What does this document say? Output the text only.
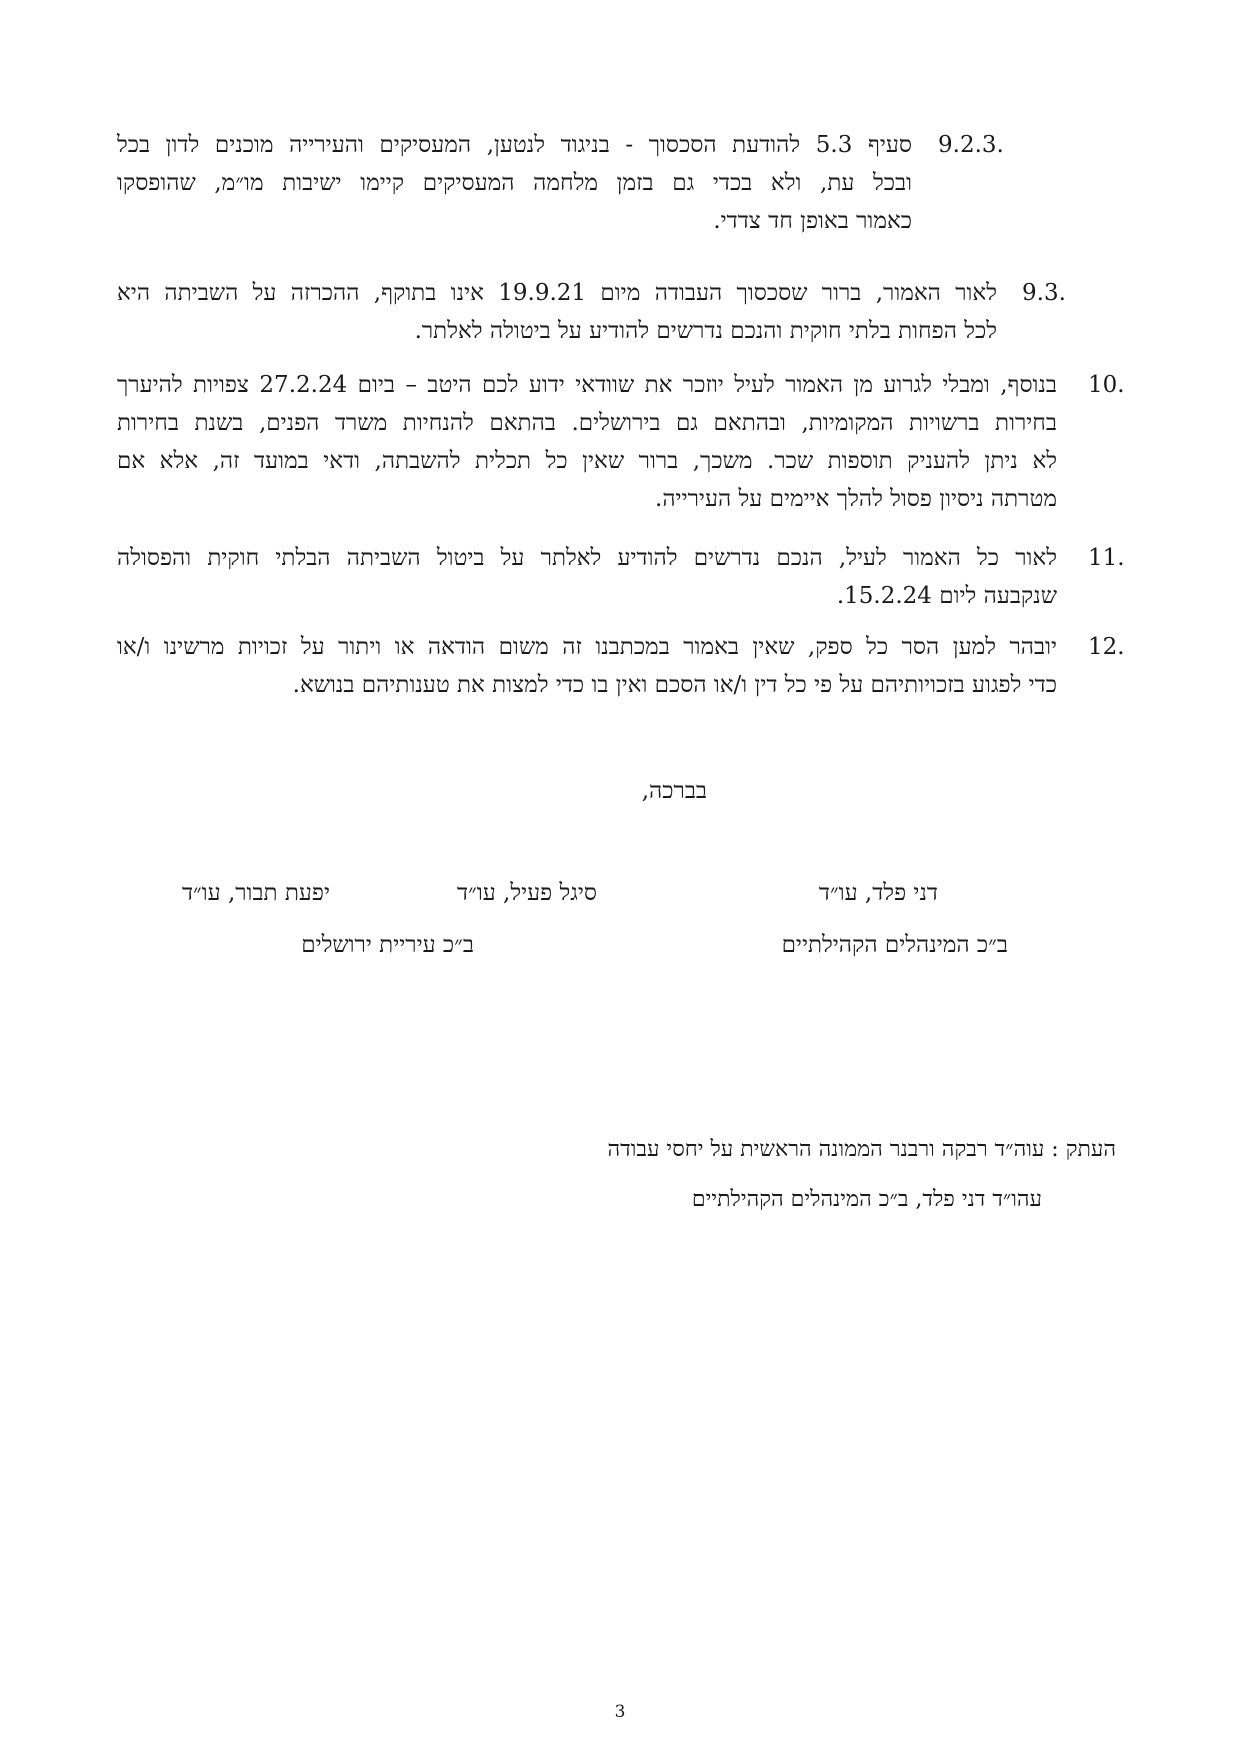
9.2.3.
סעיף 5.3 להודעת הסכסוך - בניגוד לנטען, המעסיקים והעירייה מוכנים לדון בכל
ובכל עת, ולא בכדי גם בזמן מלחמה המעסיקים קיימו ישיבות מו״מ, שהופסקו
כאמור באופן חד צדדי.
9.3.
לאור האמור, ברור שסכסוך העבודה מיום 19.9.21 אינו בתוקף, ההכרזה על השביתה היא
לכל הפחות בלתי חוקית והנכם נדרשים להודיע על ביטולה לאלתר.
10.
בנוסף, ומבלי לגרוע מן האמור לעיל יוזכר את שוודאי ידוע לכם היטב – ביום 27.2.24 צפויות להיערך
בחירות ברשויות המקומיות, ובהתאם גם בירושלים. בהתאם להנחיות משרד הפנים, בשנת בחירות
לא ניתן להעניק תוספות שכר. משכך, ברור שאין כל תכלית להשבתה, ודאי במועד זה, אלא אם
מטרתה ניסיון פסול להלך איימים על העירייה.
11.
לאור כל האמור לעיל, הנכם נדרשים להודיע לאלתר על ביטול השביתה הבלתי חוקית והפסולה
שנקבעה ליום 15.2.24.
12.
יובהר למען הסר כל ספק, שאין באמור במכתבנו זה משום הודאה או ויתור על זכויות מרשינו ו/או
כדי לפגוע בזכויותיהם על פי כל דין ו/או הסכם ואין בו כדי למצות את טענותיהם בנושא.
בברכה,
דני פלד, עו״ד
סיגל פעיל, עו״ד
יפעת תבור, עו״ד
ב״כ המינהלים הקהילתיים
ב״כ עיריית ירושלים
העתק : עוה״ד רבקה ורבנר הממונה הראשית על יחסי עבודה
עהו״ד דני פלד, ב״כ המינהלים הקהילתיים
3
